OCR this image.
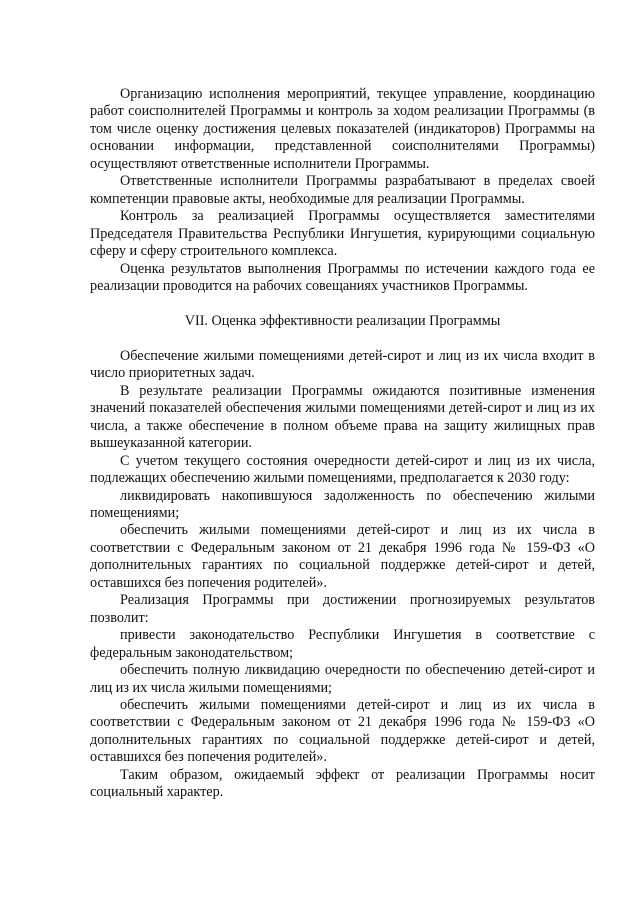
Организацию исполнения мероприятий, текущее управление, координацию работ соисполнителей Программы и контроль за ходом реализации Программы (в том числе оценку достижения целевых показателей (индикаторов) Программы на основании информации, представленной соисполнителями Программы) осуществляют ответственные исполнители Программы.

Ответственные исполнители Программы разрабатывают в пределах своей компетенции правовые акты, необходимые для реализации Программы.

Контроль за реализацией Программы осуществляется заместителями Председателя Правительства Республики Ингушетия, курирующими социальную сферу и сферу строительного комплекса.

Оценка результатов выполнения Программы по истечении каждого года ее реализации проводится на рабочих совещаниях участников Программы.

VII. Оценка эффективности реализации Программы

Обеспечение жилыми помещениями детей-сирот и лиц из их числа входит в число приоритетных задач.

В результате реализации Программы ожидаются позитивные изменения значений показателей обеспечения жилыми помещениями детей-сирот и лиц из их числа, а также обеспечение в полном объеме права на защиту жилищных прав вышеуказанной категории.

С учетом текущего состояния очередности детей-сирот и лиц из их числа, подлежащих обеспечению жилыми помещениями, предполагается к 2030 году:

ликвидировать накопившуюся задолженность по обеспечению жилыми помещениями;

обеспечить жилыми помещениями детей-сирот и лиц из их числа в соответствии с Федеральным законом от 21 декабря 1996 года № 159-ФЗ «О дополнительных гарантиях по социальной поддержке детей-сирот и детей, оставшихся без попечения родителей».

Реализация Программы при достижении прогнозируемых результатов позволит:

привести законодательство Республики Ингушетия в соответствие с федеральным законодательством;

обеспечить полную ликвидацию очередности по обеспечению детей-сирот и лиц из их числа жилыми помещениями;

обеспечить жилыми помещениями детей-сирот и лиц из их числа в соответствии с Федеральным законом от 21 декабря 1996 года № 159-ФЗ «О дополнительных гарантиях по социальной поддержке детей-сирот и детей, оставшихся без попечения родителей».

Таким образом, ожидаемый эффект от реализации Программы носит социальный характер.
